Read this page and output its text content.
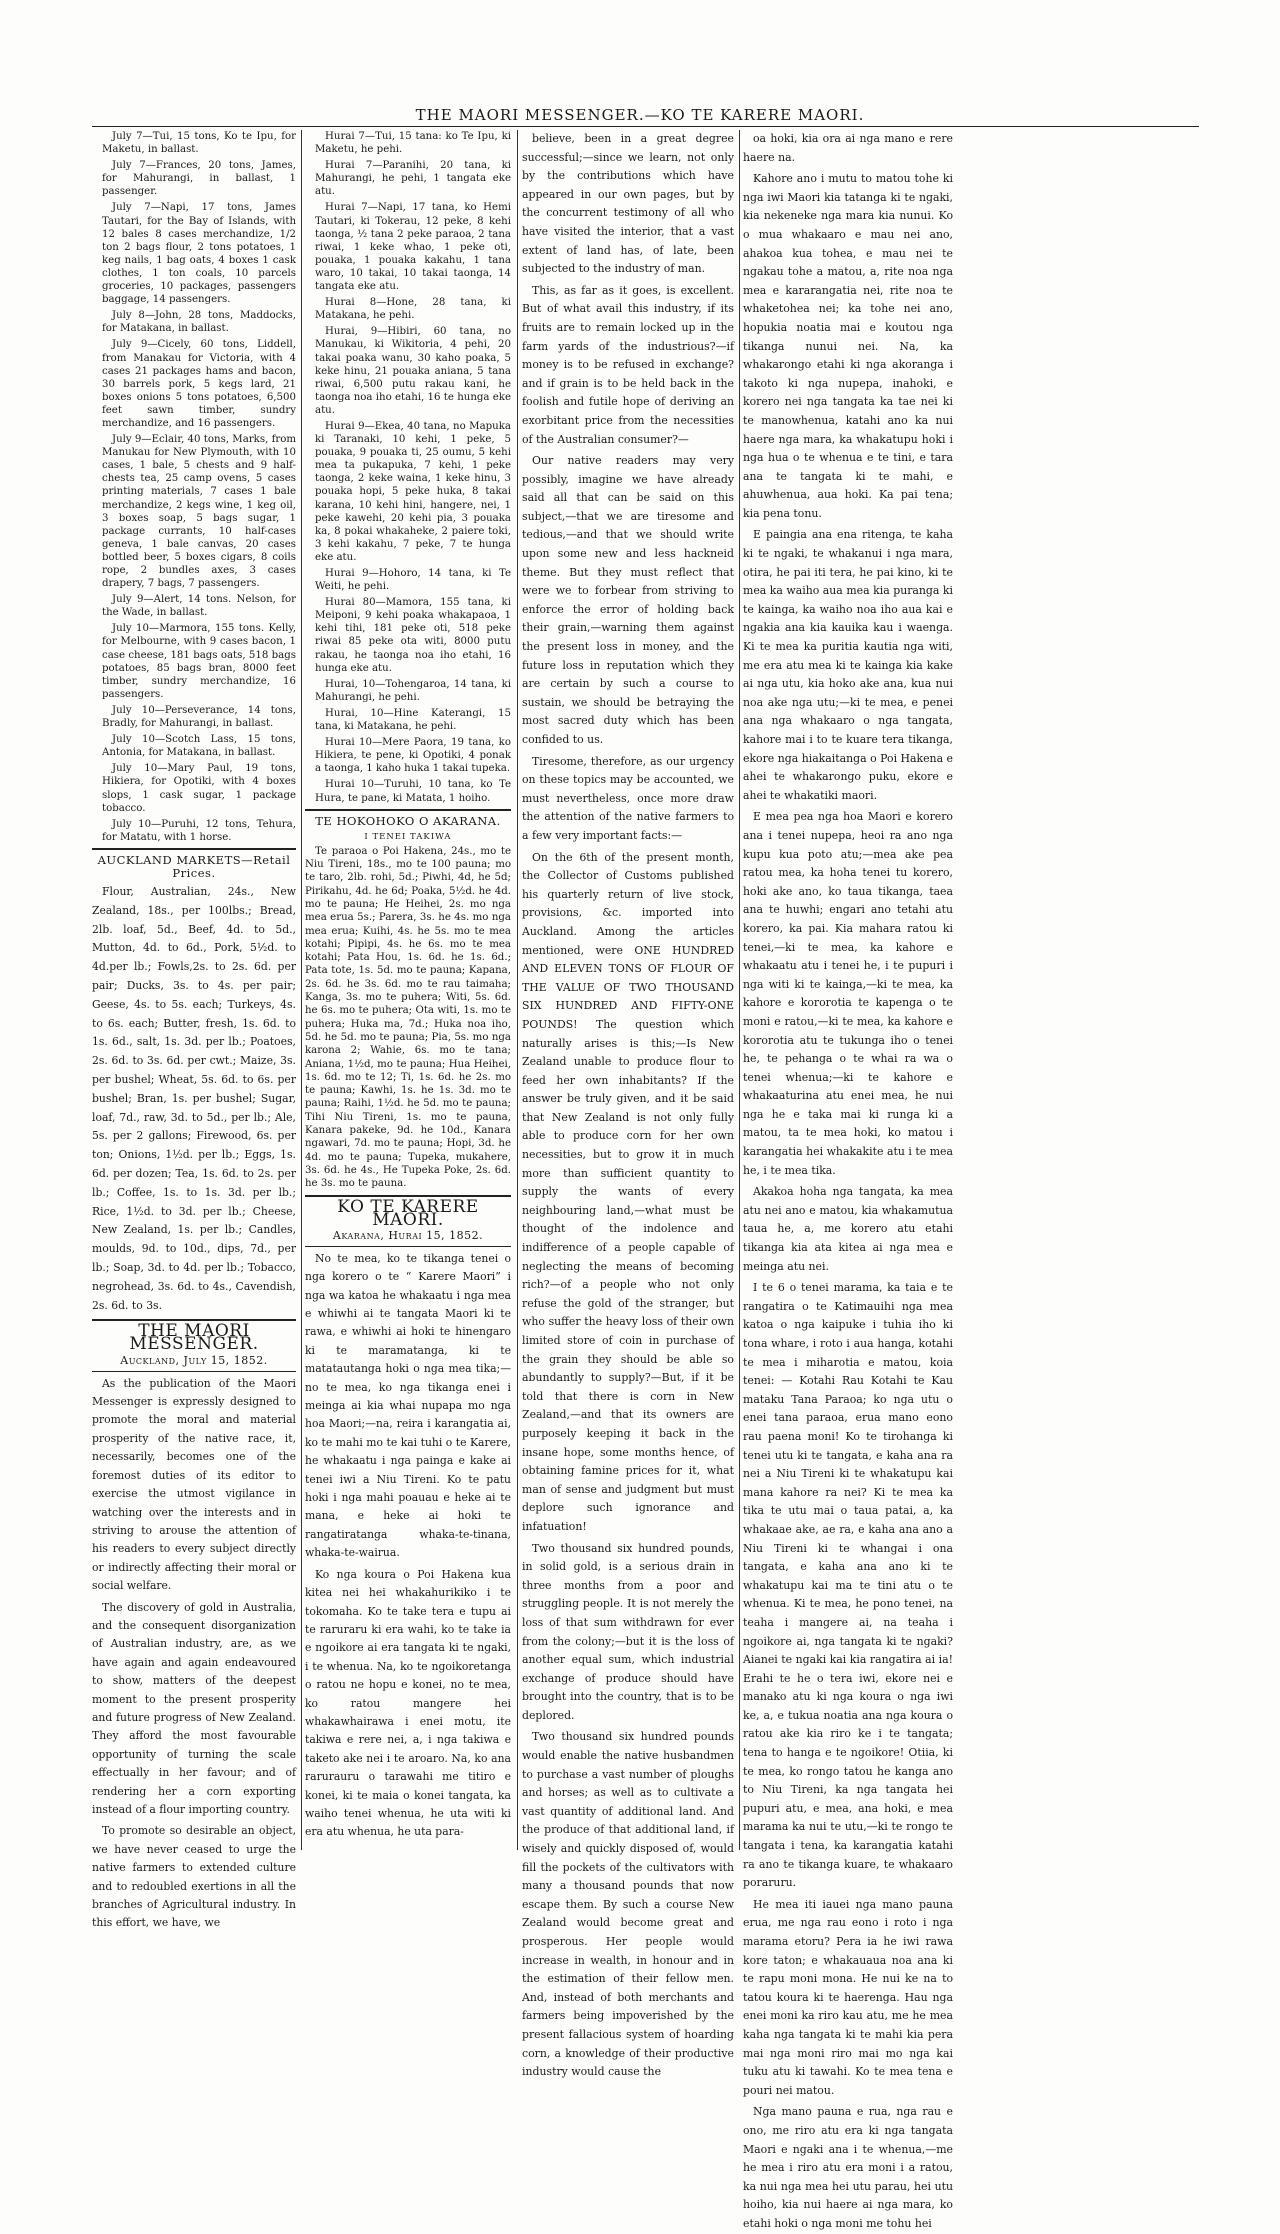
THE MAORI MESSENGER.—KO TE KARERE MAORI.

July 7—Tui, 15 tons, Ko te Ipu, for Maketu, in ballast.

July 7—Frances, 20 tons, James, for Mahurangi, in ballast, 1 passenger.

July 7—Napi, 17 tons, James Tautari, for the Bay of Islands, with 12 bales 8 cases merchandize, 1/2 ton 2 bags flour, 2 tons potatoes, 1 keg nails, 1 bag oats, 4 boxes 1 cask clothes, 1 ton coals, 10 parcels groceries, 10 packages, passengers baggage, 14 passengers.

July 8—John, 28 tons, Maddocks, for Matakana, in ballast.

July 9—Cicely, 60 tons, Liddell, from Manakau for Victoria, with 4 cases 21 packages hams and bacon, 30 barrels pork, 5 kegs lard, 21 boxes onions 5 tons potatoes, 6,500 feet sawn timber, sundry merchandize, and 16 passengers.

July 9—Eclair, 40 tons, Marks, from Manukau for New Plymouth, with 10 cases, 1 bale, 5 chests and 9 half-chests tea, 25 camp ovens, 5 cases printing materials, 7 cases 1 bale merchandize, 2 kegs wine, 1 keg oil, 3 boxes soap, 5 bags sugar, 1 package currants, 10 half-cases geneva, 1 bale canvas, 20 cases bottled beer, 5 boxes cigars, 8 coils rope, 2 bundles axes, 3 cases drapery, 7 bags, 7 passengers.

July 9—Alert, 14 tons. Nelson, for the Wade, in ballast.

July 10—Marmora, 155 tons. Kelly, for Melbourne, with 9 cases bacon, 1 case cheese, 181 bags oats, 518 bags potatoes, 85 bags bran, 8000 feet timber, sundry merchandize, 16 passengers.

July 10—Perseverance, 14 tons, Bradly, for Mahurangi, in ballast.

July 10—Scotch Lass, 15 tons, Antonia, for Matakana, in ballast.

July 10—Mary Paul, 19 tons, Hikiera, for Opotiki, with 4 boxes slops, 1 cask sugar, 1 package tobacco.

July 10—Puruhi, 12 tons, Tehura, for Matatu, with 1 horse.

AUCKLAND MARKETS—Retail Prices.

Flour, Australian, 24s., New Zealand, 18s., per 100lbs.; Bread, 2lb. loaf, 5d., Beef, 4d. to 5d., Mutton, 4d. to 6d., Pork, 5½d. to 4d.per lb.; Fowls,2s. to 2s. 6d. per pair; Ducks, 3s. to 4s. per pair; Geese, 4s. to 5s. each; Turkeys, 4s. to 6s. each; Butter, fresh, 1s. 6d. to 1s. 6d., salt, 1s. 3d. per lb.; Poatoes, 2s. 6d. to 3s. 6d. per cwt.; Maize, 3s. per bushel; Wheat, 5s. 6d. to 6s. per bushel; Bran, 1s. per bushel; Sugar, loaf, 7d., raw, 3d. to 5d., per lb.; Ale, 5s. per 2 gallons; Firewood, 6s. per ton; Onions, 1½d. per lb.; Eggs, 1s. 6d. per dozen; Tea, 1s. 6d. to 2s. per lb.; Coffee, 1s. to 1s. 3d. per lb.; Rice, 1½d. to 3d. per lb.; Cheese, New Zealand, 1s. per lb.; Candles, moulds, 9d. to 10d., dips, 7d., per lb.; Soap, 3d. to 4d. per lb.; Tobacco, negrohead, 3s. 6d. to 4s., Cavendish, 2s. 6d. to 3s.

THE MAORI MESSENGER.
Auckland, July 15, 1852.

As the publication of the Maori Messenger is expressly designed to promote the moral and material prosperity of the native race, it, necessarily, becomes one of the foremost duties of its editor to exercise the utmost vigilance in watching over the interests and in striving to arouse the attention of his readers to every subject directly or indirectly affecting their moral or social welfare.

The discovery of gold in Australia, and the consequent disorganization of Australian industry, are, as we have again and again endeavoured to show, matters of the deepest moment to the present prosperity and future progress of New Zealand. They afford the most favourable opportunity of turning the scale effectually in her favour; and of rendering her a corn exporting instead of a flour importing country.

To promote so desirable an object, we have never ceased to urge the native farmers to extended culture and to redoubled exertions in all the branches of Agricultural industry. In this effort, we have, we

Hurai 7—Tui, 15 tana: ko Te Ipu, ki Maketu, he pehi.

Hurai 7—Paranihi, 20 tana, ki Mahurangi, he pehi, 1 tangata eke atu.

Hurai 7—Napi, 17 tana, ko Hemi Tautari, ki Tokerau, 12 peke, 8 kehi taonga, ½ tana 2 peke paraoa, 2 tana riwai, 1 keke whao, 1 peke oti, pouaka, 1 pouaka kakahu, 1 tana waro, 10 takai, 10 takai taonga, 14 tangata eke atu.

Hurai 8—Hone, 28 tana, ki Matakana, he pehi.

Hurai, 9—Hibiri, 60 tana, no Manukau, ki Wikitoria, 4 pehi, 20 takai poaka wanu, 30 kaho poaka, 5 keke hinu, 21 pouaka aniana, 5 tana riwai, 6,500 putu rakau kani, he taonga noa iho etahi, 16 te hunga eke atu.

Hurai 9—Ekea, 40 tana, no Mapuka ki Taranaki, 10 kehi, 1 peke, 5 pouaka, 9 pouaka ti, 25 oumu, 5 kehi mea ta pukapuka, 7 kehi, 1 peke taonga, 2 keke waina, 1 keke hinu, 3 pouaka hopi, 5 peke huka, 8 takai karana, 10 kehi hini, hangere, nei, 1 peke kawehi, 20 kehi pia, 3 pouaka ka, 8 pokai whakaheke, 2 paiere toki, 3 kehi kakahu, 7 peke, 7 te hunga eke atu.

Hurai 9—Hohoro, 14 tana, ki Te Weiti, he pehi.

Hurai 80—Mamora, 155 tana, ki Meiponi, 9 kehi poaka whakapaoa, 1 kehi tihi, 181 peke oti, 518 peke riwai 85 peke ota witi, 8000 putu rakau, he taonga noa iho etahi, 16 hunga eke atu.

Hurai, 10—Tohengaroa, 14 tana, ki Mahurangi, he pehi.

Hurai, 10—Hine Katerangi, 15 tana, ki Matakana, he pehi.

Hurai 10—Mere Paora, 19 tana, ko Hikiera, te pene, ki Opotiki, 4 ponak a taonga, 1 kaho huka 1 takai tupeka.

Hurai 10—Turuhi, 10 tana, ko Te Hura, te pane, ki Matata, 1 hoiho.

TE HOKOHOKO O AKARANA.
I TENEI TAKIWA

Te paraoa o Poi Hakena, 24s., mo te Niu Tireni, 18s., mo te 100 pauna; mo te taro, 2lb. rohi, 5d.; Piwhi, 4d, he 5d; Pirikahu, 4d. he 6d; Poaka, 5½d. he 4d. mo te pauna; He Heihei, 2s. mo nga mea erua 5s.; Parera, 3s. he 4s. mo nga mea erua; Kuihi, 4s. he 5s. mo te mea kotahi; Pipipi, 4s. he 6s. mo te mea kotahi; Pata Hou, 1s. 6d. he 1s. 6d.; Pata tote, 1s. 5d. mo te pauna; Kapana, 2s. 6d. he 3s. 6d. mo te rau taimaha; Kanga, 3s. mo te puhera; Witi, 5s. 6d. he 6s. mo te puhera; Ota witi, 1s. mo te puhera; Huka ma, 7d.; Huka noa iho, 5d. he 5d. mo te pauna; Pia, 5s. mo nga karona 2; Wahie, 6s. mo te tana; Aniana, 1½d, mo te pauna; Hua Heihei, 1s. 6d. mo te 12; Ti, 1s. 6d. he 2s. mo te pauna; Kawhi, 1s. he 1s. 3d. mo te pauna; Raihi, 1½d. he 5d. mo te pauna; Tihi Niu Tireni, 1s. mo te pauna, Kanara pakeke, 9d. he 10d., Kanara ngawari, 7d. mo te pauna; Hopi, 3d. he 4d. mo te pauna; Tupeka, mukahere, 3s. 6d. he 4s., He Tupeka Poke, 2s. 6d. he 3s. mo te pauna.

KO TE KARERE MAORI.
Akarana, Hurai 15, 1852.

No te mea, ko te tikanga tenei o nga korero o te “ Karere Maori” i nga wa katoa he whakaatu i nga mea e whiwhi ai te tangata Maori ki te rawa, e whiwhi ai hoki te hinengaro ki te maramatanga, ki te matatautanga hoki o nga mea tika;—no te mea, ko nga tikanga enei i meinga ai kia whai nupapa mo nga hoa Maori;—na, reira i karangatia ai, ko te mahi mo te kai tuhi o te Karere, he whakaatu i nga painga e kake ai tenei iwi a Niu Tireni. Ko te patu hoki i nga mahi poauau e heke ai te mana, e heke ai hoki te rangatiratanga whaka-te-tinana, whaka-te-wairua.

Ko nga koura o Poi Hakena kua kitea nei hei whakahurikiko i te tokomaha. Ko te take tera e tupu ai te raruraru ki era wahi, ko te take ia e ngoikore ai era tangata ki te ngaki, i te whenua. Na, ko te ngoikoretanga o ratou ne hopu e konei, no te mea, ko ratou mangere hei whakawhairawa i enei motu, ite takiwa e rere nei, a, i nga takiwa e taketo ake nei i te aroaro. Na, ko ana rarurauru o tarawahi me titiro e konei, ki te maia o konei tangata, ka waiho tenei whenua, he uta witi ki era atu whenua, he uta para-

believe, been in a great degree successful;—since we learn, not only by the contributions which have appeared in our own pages, but by the concurrent testimony of all who have visited the interior, that a vast extent of land has, of late, been subjected to the industry of man.

This, as far as it goes, is excellent. But of what avail this industry, if its fruits are to remain locked up in the farm yards of the industrious?—if money is to be refused in exchange? and if grain is to be held back in the foolish and futile hope of deriving an exorbitant price from the necessities of the Australian consumer?—

Our native readers may very possibly, imagine we have already said all that can be said on this subject,—that we are tiresome and tedious,—and that we should write upon some new and less hackneid theme. But they must reflect that were we to forbear from striving to enforce the error of holding back their grain,—warning them against the present loss in money, and the future loss in reputation which they are certain by such a course to sustain, we should be betraying the most sacred duty which has been confided to us.

Tiresome, therefore, as our urgency on these topics may be accounted, we must nevertheless, once more draw the attention of the native farmers to a few very important facts:—

On the 6th of the present month, the Collector of Customs published his quarterly return of live stock, provisions, &c. imported into Auckland. Among the articles mentioned, were ONE HUNDRED AND ELEVEN TONS OF FLOUR OF THE VALUE OF TWO THOUSAND SIX HUNDRED AND FIFTY-ONE POUNDS! The question which naturally arises is this;—Is New Zealand unable to produce flour to feed her own inhabitants? If the answer be truly given, and it be said that New Zealand is not only fully able to produce corn for her own necessities, but to grow it in much more than sufficient quantity to supply the wants of every neighbouring land,—what must be thought of the indolence and indifference of a people capable of neglecting the means of becoming rich?—of a people who not only refuse the gold of the stranger, but who suffer the heavy loss of their own limited store of coin in purchase of the grain they should be able so abundantly to supply?—But, if it be told that there is corn in New Zealand,—and that its owners are purposely keeping it back in the insane hope, some months hence, of obtaining famine prices for it, what man of sense and judgment but must deplore such ignorance and infatuation!

Two thousand six hundred pounds, in solid gold, is a serious drain in three months from a poor and struggling people. It is not merely the loss of that sum withdrawn for ever from the colony;—but it is the loss of another equal sum, which industrial exchange of produce should have brought into the country, that is to be deplored.

Two thousand six hundred pounds would enable the native husbandmen to purchase a vast number of ploughs and horses; as well as to cultivate a vast quantity of additional land. And the produce of that additional land, if wisely and quickly disposed of, would fill the pockets of the cultivators with many a thousand pounds that now escape them. By such a course New Zealand would become great and prosperous. Her people would increase in wealth, in honour and in the estimation of their fellow men. And, instead of both merchants and farmers being impoverished by the present fallacious system of hoarding corn, a knowledge of their productive industry would cause the

oa hoki, kia ora ai nga mano e rere haere na.

Kahore ano i mutu to matou tohe ki nga iwi Maori kia tatanga ki te ngaki, kia nekeneke nga mara kia nunui. Ko o mua whakaaro e mau nei ano, ahakoa kua tohea, e mau nei te ngakau tohe a matou, a, rite noa nga mea e kararangatia nei, rite noa te whaketohea nei; ka tohe nei ano, hopukia noatia mai e koutou nga tikanga nunui nei. Na, ka whakarongo etahi ki nga akoranga i takoto ki nga nupepa, inahoki, e korero nei nga tangata ka tae nei ki te manowhenua, katahi ano ka nui haere nga mara, ka whakatupu hoki i nga hua o te whenua e te tini, e tara ana te tangata ki te mahi, e ahuwhenua, aua hoki. Ka pai tena; kia pena tonu.

E paingia ana ena ritenga, te kaha ki te ngaki, te whakanui i nga mara, otira, he pai iti tera, he pai kino, ki te mea ka waiho aua mea kia puranga ki te kainga, ka waiho noa iho aua kai e ngakia ana kia kauika kau i waenga. Ki te mea ka puritia kautia nga witi, me era atu mea ki te kainga kia kake ai nga utu, kia hoko ake ana, kua nui noa ake nga utu;—ki te mea, e penei ana nga whakaaro o nga tangata, kahore mai i to te kuare tera tikanga, ekore nga hiakaitanga o Poi Hakena e ahei te whakarongo puku, ekore e ahei te whakatiki maori.

E mea pea nga hoa Maori e korero ana i tenei nupepa, heoi ra ano nga kupu kua poto atu;—mea ake pea ratou mea, ka hoha tenei tu korero, hoki ake ano, ko taua tikanga, taea ana te huwhi; engari ano tetahi atu korero, ka pai. Kia mahara ratou ki tenei,—ki te mea, ka kahore e whakaatu atu i tenei he, i te pupuri i nga witi ki te kainga,—ki te mea, ka kahore e kororotia te kapenga o te moni e ratou,—ki te mea, ka kahore e kororotia atu te tukunga iho o tenei he, te pehanga o te whai ra wa o tenei whenua;—ki te kahore e whakaaturina atu enei mea, he nui nga he e taka mai ki runga ki a matou, ta te mea hoki, ko matou i karangatia hei whakakite atu i te mea he, i te mea tika.

Akakoa hoha nga tangata, ka mea atu nei ano e matou, kia whakamutua taua he, a, me korero atu etahi tikanga kia ata kitea ai nga mea e meinga atu nei.

I te 6 o tenei marama, ka taia e te rangatira o te Katimauihi nga mea katoa o nga kaipuke i tuhia iho ki tona whare, i roto i aua hanga, kotahi te mea i miharotia e matou, koia tenei: — Kotahi Rau Kotahi te Kau mataku Tana Paraoa; ko nga utu o enei tana paraoa, erua mano eono rau paena moni! Ko te tirohanga ki tenei utu ki te tangata, e kaha ana ra nei a Niu Tireni ki te whakatupu kai mana kahore ra nei? Ki te mea ka tika te utu mai o taua patai, a, ka whakaae ake, ae ra, e kaha ana ano a Niu Tireni ki te whangai i ona tangata, e kaha ana ano ki te whakatupu kai ma te tini atu o te whenua. Ki te mea, he pono tenei, na teaha i mangere ai, na teaha i ngoikore ai, nga tangata ki te ngaki? Aianei te ngaki kai kia rangatira ai ia! Erahi te he o tera iwi, ekore nei e manako atu ki nga koura o nga iwi ke, a, e tukua noatia ana nga koura o ratou ake kia riro ke i te tangata; tena to hanga e te ngoikore! Otiia, ki te mea, ko rongo tatou he kanga ano to Niu Tireni, ka nga tangata hei pupuri atu, e mea, ana hoki, e mea marama ka nui te utu,—ki te rongo te tangata i tena, ka karangatia katahi ra ano te tikanga kuare, te whakaaro poraruru.

He mea iti iauei nga mano pauna erua, me nga rau eono i roto i nga marama etoru? Pera ia he iwi rawa kore taton; e whakauaua noa ana ki te rapu moni mona. He nui ke na to tatou koura ki te haerenga. Hau nga enei moni ka riro kau atu, me he mea kaha nga tangata ki te mahi kia pera mai nga moni riro mai mo nga kai tuku atu ki tawahi. Ko te mea tena e pouri nei matou.

Nga mano pauna e rua, nga rau e ono, me riro atu era ki nga tangata Maori e ngaki ana i te whenua,—me he mea i riro atu era moni i a ratou, ka nui nga mea hei utu parau, hei utu hoiho, kia nui haere ai nga mara, ko etahi hoki o nga moni me tohu hei
